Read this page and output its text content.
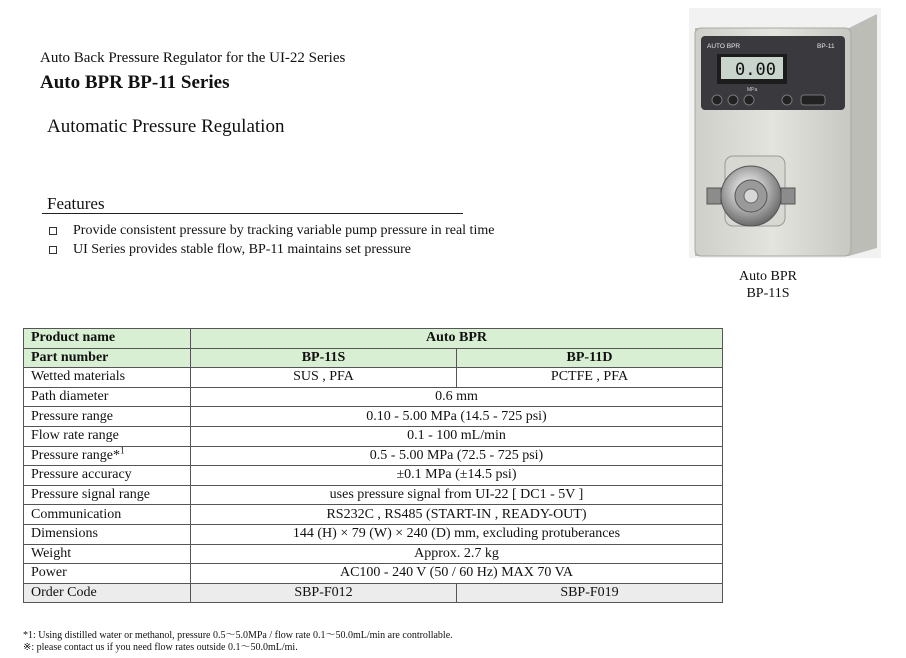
Auto Back Pressure Regulator for the UI-22 Series
Auto BPR BP-11 Series
Automatic Pressure Regulation
Features
Provide consistent pressure by tracking variable pump pressure in real time
UI Series provides stable flow, BP-11 maintains set pressure
AUTO BPR	BP-11
0.00
MPa
Auto BPR
BP-11S
Product name	Auto BPR	
Part number	BP-11S	BP-11D
Wetted materials	SUS , PFA	PCTFE , PFA
Path diameter	0.6 mm	
Pressure range	0.10 - 5.00 MPa (14.5 - 725 psi)	
Flow rate range	0.1 - 100 mL/min	
Pressure range*$^1$	0.5 - 5.00 MPa (72.5 - 725 psi)	
Pressure accuracy	±0.1 MPa (±14.5 psi)	
Pressure signal range	uses pressure signal from UI-22 [ DC1 - 5V ]	
Communication	RS232C , RS485 (START-IN , READY-OUT)	
Dimensions	144 (H) × 79 (W) × 240 (D) mm, excluding protuberances	
Weight	Approx. 2.7 kg	
Power	AC100 - 240 V (50 / 60 Hz) MAX 70 VA	
Order Code	SBP-F012	SBP-F019
*1: Using distilled water or methanol, pressure 0.5～5.0MPa / flow rate 0.1～50.0mL/min are controllable.
※: please contact us if you need flow rates outside 0.1～50.0mL/mi.
